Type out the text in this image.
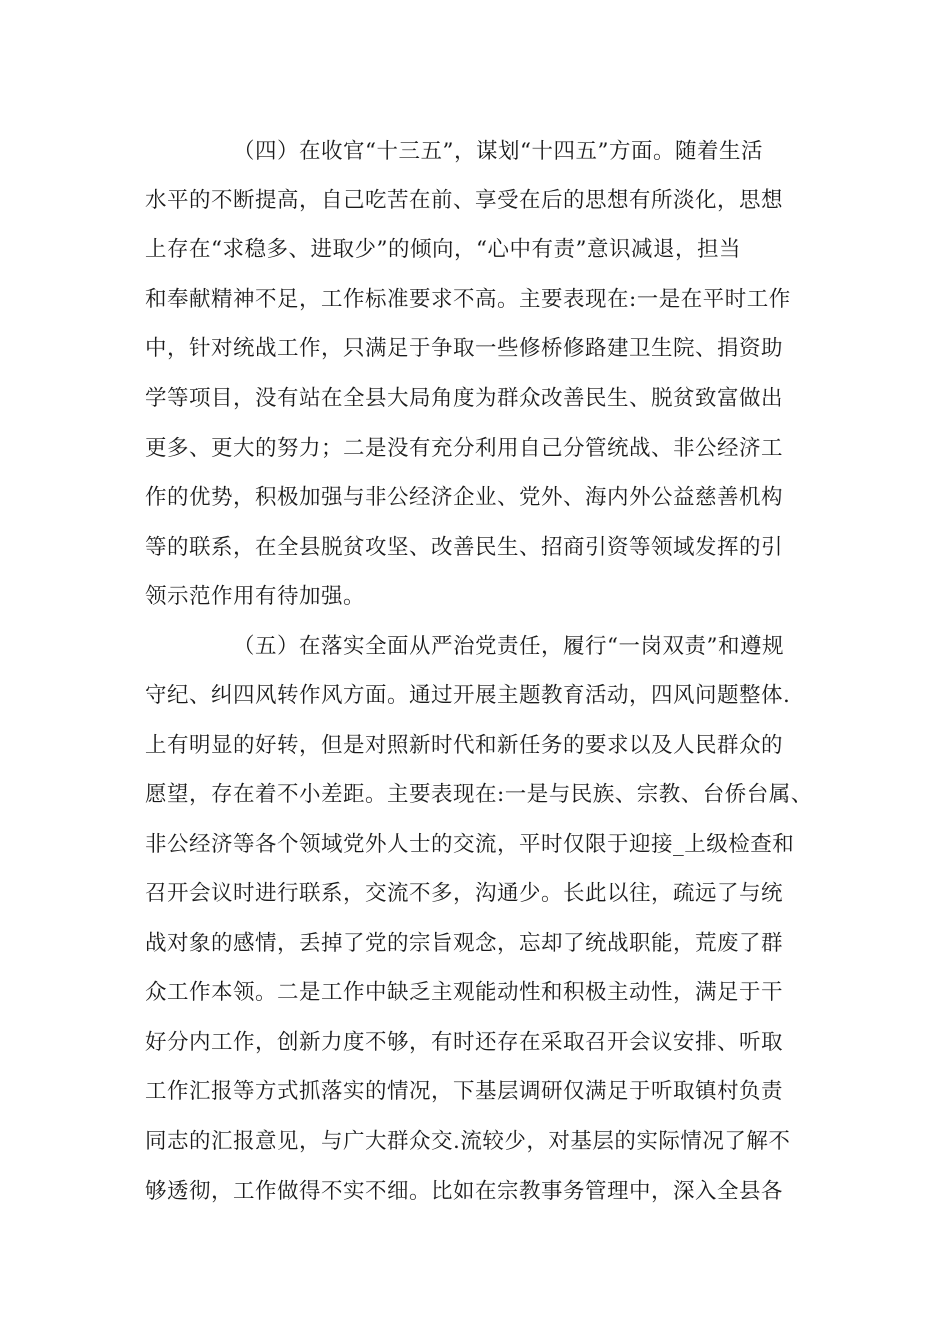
（四）在收官“十三五”，谋划“十四五”方面。随着生活
水平的不断提高，自己吃苦在前、享受在后的思想有所淡化，思想
上存在“求稳多、进取少”的倾向，“心中有责”意识减退，担当
和奉献精神不足，工作标准要求不高。主要表现在:一是在平时工作
中，针对统战工作，只满足于争取一些修桥修路建卫生院、捐资助
学等项目，没有站在全县大局角度为群众改善民生、脱贫致富做出
更多、更大的努力；二是没有充分利用自己分管统战、非公经济工
作的优势，积极加强与非公经济企业、党外、海内外公益慈善机构
等的联系，在全县脱贫攻坚、改善民生、招商引资等领域发挥的引
领示范作用有待加强。
（五）在落实全面从严治党责任，履行“一岗双责”和遵规
守纪、纠四风转作风方面。通过开展主题教育活动，四风问题整体.
上有明显的好转，但是对照新时代和新任务的要求以及人民群众的
愿望，存在着不小差距。主要表现在:一是与民族、宗教、台侨台属、
非公经济等各个领域党外人士的交流，平时仅限于迎接_上级检查和
召开会议时进行联系，交流不多，沟通少。长此以往，疏远了与统
战对象的感情，丢掉了党的宗旨观念，忘却了统战职能，荒废了群
众工作本领。二是工作中缺乏主观能动性和积极主动性，满足于干
好分内工作，创新力度不够，有时还存在采取召开会议安排、听取
工作汇报等方式抓落实的情况，下基层调研仅满足于听取镇村负责
同志的汇报意见，与广大群众交.流较少，对基层的实际情况了解不
够透彻，工作做得不实不细。比如在宗教事务管理中，深入全县各
